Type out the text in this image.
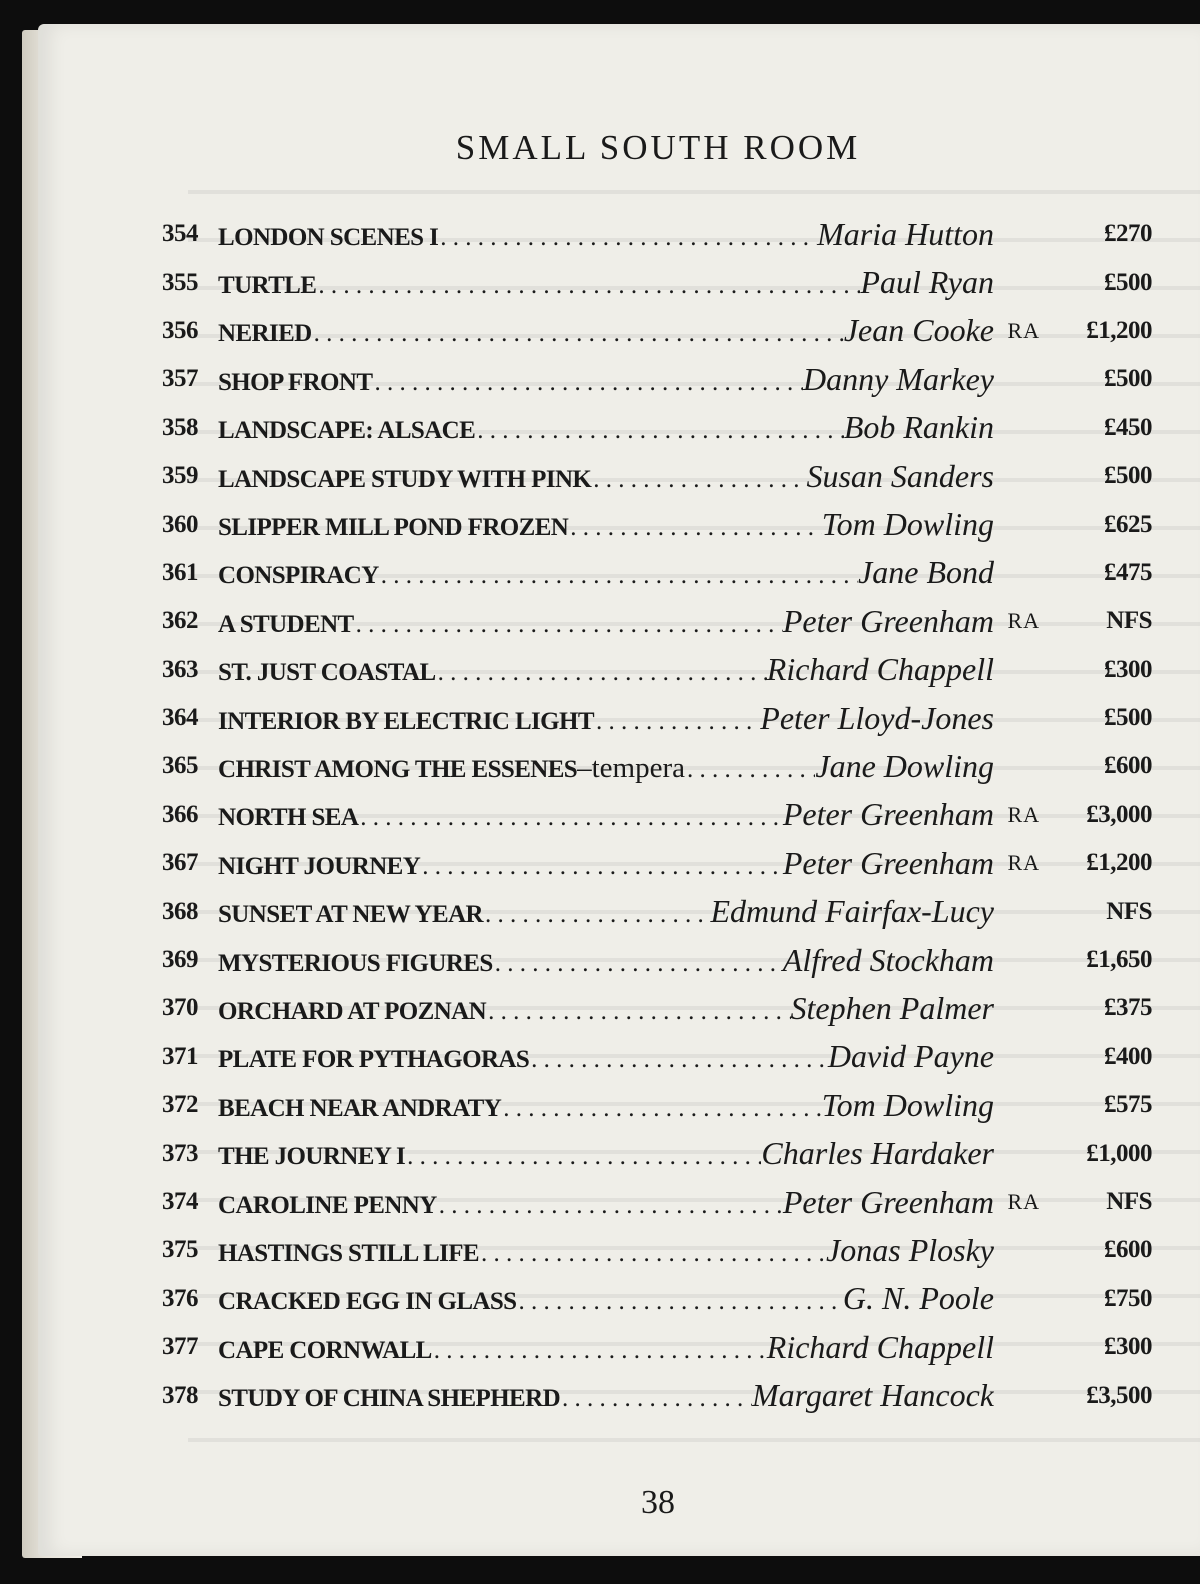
SMALL SOUTH ROOM
354 LONDON SCENES I . . .	Maria Hutton	£270
355 TURTLE . . .	Paul Ryan	£500
356 NERIED . . .	Jean Cooke RA	£1,200
357 SHOP FRONT . . .	Danny Markey	£500
358 LANDSCAPE: ALSACE . . .	Bob Rankin	£450
359 LANDSCAPE STUDY WITH PINK . . .	Susan Sanders	£500
360 SLIPPER MILL POND FROZEN . . .	Tom Dowling	£625
361 CONSPIRACY . . .	Jane Bond	£475
362 A STUDENT . . .	Peter Greenham RA	NFS
363 ST. JUST COASTAL . . .	Richard Chappell	£300
364 INTERIOR BY ELECTRIC LIGHT . . .	Peter Lloyd-Jones	£500
365 CHRIST AMONG THE ESSENES –tempera . . .	Jane Dowling	£600
366 NORTH SEA . . .	Peter Greenham RA	£3,000
367 NIGHT JOURNEY . . .	Peter Greenham RA	£1,200
368 SUNSET AT NEW YEAR . . .	Edmund Fairfax-Lucy	NFS
369 MYSTERIOUS FIGURES . . .	Alfred Stockham	£1,650
370 ORCHARD AT POZNAN . . .	Stephen Palmer	£375
371 PLATE FOR PYTHAGORAS . . .	David Payne	£400
372 BEACH NEAR ANDRATY . . .	Tom Dowling	£575
373 THE JOURNEY I . . .	Charles Hardaker	£1,000
374 CAROLINE PENNY . . .	Peter Greenham RA	NFS
375 HASTINGS STILL LIFE . . .	Jonas Plosky	£600
376 CRACKED EGG IN GLASS . . .	G. N. Poole	£750
377 CAPE CORNWALL . . .	Richard Chappell	£300
378 STUDY OF CHINA SHEPHERD . . .	Margaret Hancock	£3,500
38
